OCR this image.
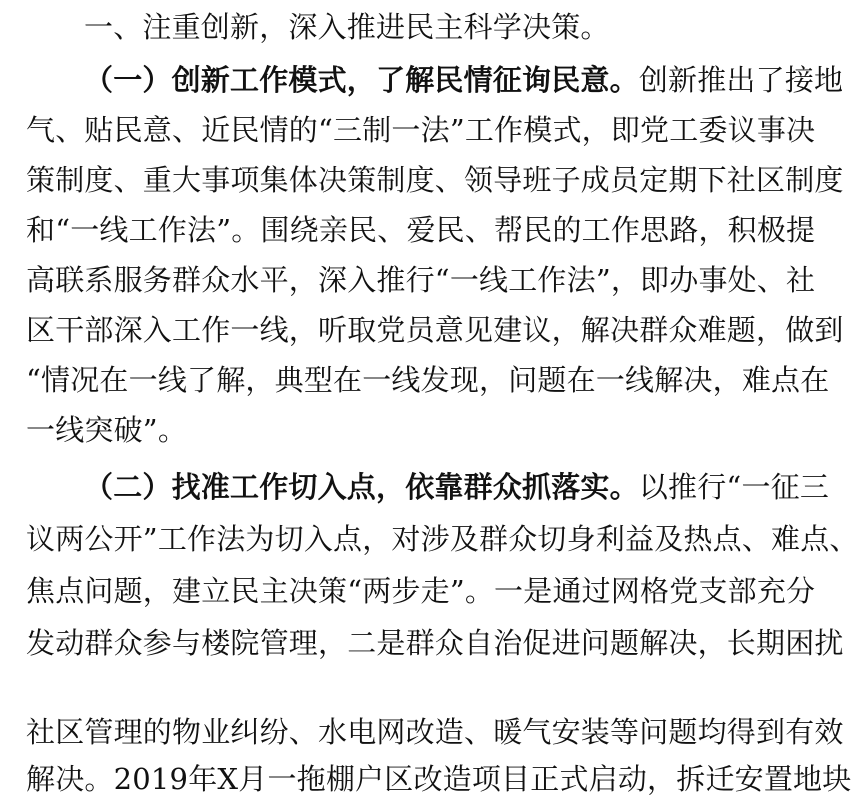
一、注重创新，深入推进民主科学决策。
（一）创新工作模式，了解民情征询民意。创新推出了接地
气、贴民意、近民情的“三制一法”工作模式，即党工委议事决
策制度、重大事项集体决策制度、领导班子成员定期下社区制度
和“一线工作法”。围绕亲民、爱民、帮民的工作思路，积极提
高联系服务群众水平，深入推行“一线工作法”，即办事处、社
区干部深入工作一线，听取党员意见建议，解决群众难题，做到
“情况在一线了解，典型在一线发现，问题在一线解决，难点在
一线突破”。
（二）找准工作切入点，依靠群众抓落实。以推行“一征三
议两公开”工作法为切入点，对涉及群众切身利益及热点、难点、
焦点问题，建立民主决策“两步走”。一是通过网格党支部充分
发动群众参与楼院管理，二是群众自治促进问题解决，长期困扰
社区管理的物业纠纷、水电网改造、暖气安装等问题均得到有效
解决。2019年X月一拖棚户区改造项目正式启动，拆迁安置地块
